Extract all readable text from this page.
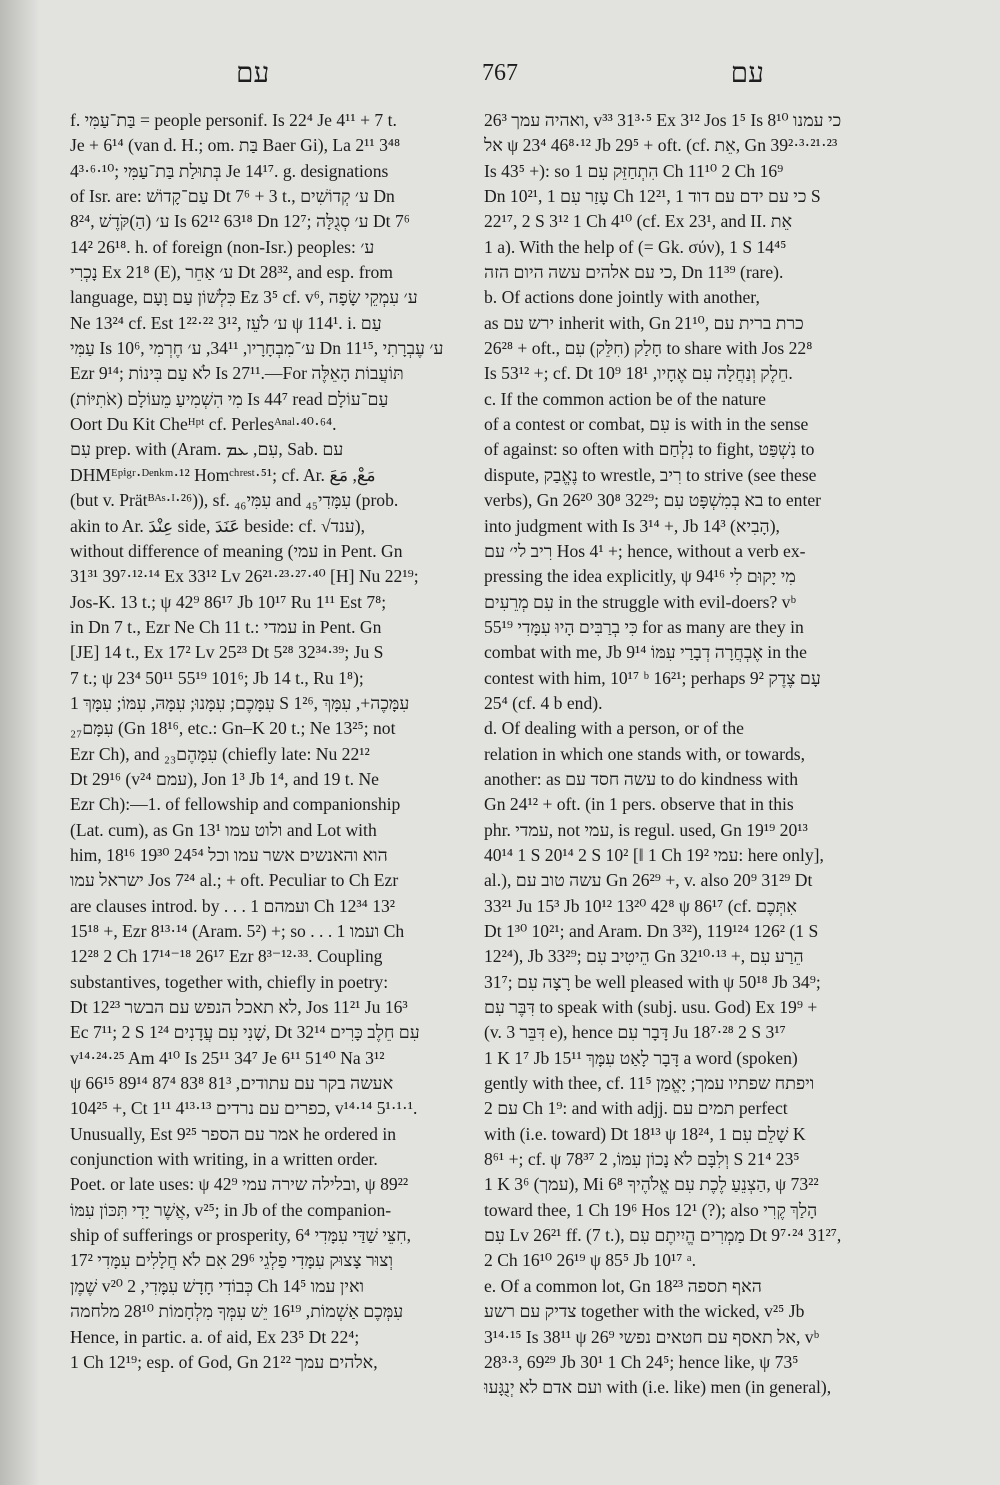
עם	767	עם
f. בַּת־עַמִּי = people personif. Is 22⁴ Je 4¹¹ + 7 t.
Je + 6¹⁴ (van d. H.; om. בַּת Baer Gi), La 2¹¹ 3⁴⁸
4³·⁶·¹⁰; בְּתוּלַת בַּת־עַמִּי Je 14¹⁷. g. designations
of Isr. are: עַם־קָדוֹשׁ Dt 7⁶ + 3 t., ע׳ קְדוֹשִׁים Dn
8²⁴, ע׳ (הַ)קֹּדֶשׁ Is 62¹² 63¹⁸ Dn 12⁷; ע׳ סְגֻלָּה Dt 7⁶
14² 26¹⁸. h. of foreign (non-Isr.) peoples: ע׳
נָכְרִי Ex 21⁸ (E), ע׳ אַחֵר Dt 28³², and esp. from
language, כִּלְשׁוֹן עַם וָעָם Ez 3⁵ cf. v⁶, ע׳ עִמְקֵי שָׂפָה
Ne 13²⁴ cf. Est 1²²·²² 3¹², ע׳ לֹעֵז ψ 114¹. i. עַם
עַמִּי Is 10⁶, ע׳־מִבְחָרָיו, 34¹¹, ע׳ חֶרְמִי Dn 11¹⁵, ע׳ עֶבְרָתִי
Ezr 9¹⁴; לֹא עַם בִּינוֹת Is 27¹¹.—For תּוֹעֲבוֹת הָאֵלֶּה
(מִי הִשְׁמִיעַ מֵעוֹלָם (אֹתִיּוֹת Is 44⁷ read עַם־עוֹלָם
Oort Du Kit Cheᴴᵖᵗ cf. Perlesᴬⁿᵃˡ·⁴⁰·⁶⁴.
עִם prep. with (Aram. עִם, ܥܡ, Sab. עם
DHMᴱᵖⁱᵍʳ·ᴰᵉⁿᵏᵐ·¹² Homᶜʰʳᵉˢᵗ·⁵¹; cf. Ar. مَعْ, مَعَ
(but v. Prätᴮᴬˢ·ᴵ·²⁶)), sf. עִמִּי₄₆ and עִמָּדִי₄₅ (prob.
akin to Ar. عِنْدَ side, عَنَدَ beside: cf. √ענד),
without difference of meaning (עמי in Pent. Gn
31³¹ 39⁷·¹²·¹⁴ Ex 33¹² Lv 26²¹·²³·²⁷·⁴⁰ [H] Nu 22¹⁹;
Jos-K. 13 t.; ψ 42⁹ 86¹⁷ Jb 10¹⁷ Ru 1¹¹ Est 7⁸;
in Dn 7 t., Ezr Ne Ch 11 t.: עמדי in Pent. Gn
[JE] 14 t., Ex 17² Lv 25²³ Dt 5²⁸ 32³⁴·³⁹; Ju S
7 t.; ψ 23⁴ 50¹¹ 55¹⁹ 101⁶; Jb 14 t., Ru 1⁸);
עִמָּכֶם; עִמָּנוּ; עִמָּהּ, עִמּוֹ; עִמָּךְ 1 S 1²⁶, עִמָּכֶה+, עִמָּךְ
עִמָּם₂₇ (Gn 18¹⁶, etc.: Gn–K 20 t.; Ne 13²⁵; not
Ezr Ch), and עִמָּהֶם₂₃ (chiefly late: Nu 22¹²
Dt 29¹⁶ (v²⁴ עמם), Jon 1³ Jb 1⁴, and 19 t. Ne
Ezr Ch):—1. of fellowship and companionship
(Lat. cum), as Gn 13¹ ולוט עמו and Lot with
him, 18¹⁶ 19³⁰ 24⁵⁴ הוא והאנשים אשר עמו וכל
ישראל עמו Jos 7²⁴ al.; + oft. Peculiar to Ch Ezr
are clauses introd. by . . . ועמהם 1 Ch 12³⁴ 13²
15¹⁸ +, Ezr 8¹³·¹⁴ (Aram. 5²) +; so . . . ועמו 1 Ch
12²⁸ 2 Ch 17¹⁴⁻¹⁸ 26¹⁷ Ezr 8³⁻¹²·³³. Coupling
substantives, together with, chiefly in poetry:
Dt 12²³ לא תאכל הנפש עם הבשר, Jos 11²¹ Ju 16³
Ec 7¹¹; 2 S 1²⁴ שָׁנִי עִם עֲדָנִים, Dt 32¹⁴ עִם חֵלֶב כָּרִים
v¹⁴·²⁴·²⁵ Am 4¹⁰ Is 25¹¹ 34⁷ Je 6¹¹ 51⁴⁰ Na 3¹²
ψ 66¹⁵ אעשה בקר עם עתודים, 81³ 83⁸ 87⁴ 89¹⁴
104²⁵ +, Ct 1¹¹ 4¹³·¹³ כפרים עם נרדים, v¹⁴·¹⁴ 5¹·¹·¹.
Unusually, Est 9²⁵ אמר עם הספר he ordered in
conjunction with writing, in a written order.
Poet. or late uses: ψ 42⁹ ובלילה שירה עמי, ψ 89²²
אֲשֶׁר יָדִי תִּכּוֹן עִמּוֹ, v²⁵; in Jb of the companion-
ship of sufferings or prosperity, 6⁴ חִצֵּי שַׁדַּי עִמָּדִי,
וְצוּר צָצוּק עִמָּדִי פַלְגֵי 29⁶ אִם לֹא חֲלָלִים עִמָּדִי 17²
שֶׁמֶן v²⁰ כְּבוֹדִי חָדָשׁ עִמָּדִי, 2 Ch 14⁵ ואין עמו
עִמְּכֶם אַשְׁמוֹת, 16¹⁹ יֵשׁ עִמְּךָ מִלְחָמוֹת 28¹⁰ מלחמה
Hence, in partic. a. of aid, Ex 23⁵ Dt 22⁴;
1 Ch 12¹⁹; esp. of God, Gn 21²² אלהים עמך,
26³ ואהיה עמך, v³³ 31³·⁵ Ex 3¹² Jos 1⁵ Is 8¹⁰ כי עמנו
אל ψ 23⁴ 46⁸·¹² Jb 29⁵ + oft. (cf. אֵת, Gn 39²·³·²¹·²³
Is 43⁵ +): so הִתְחַזֵּק עִם 1 Ch 11¹⁰ 2 Ch 16⁹
Dn 10²¹, עָזַר עִם 1 Ch 12²¹, כי עם ידם עם דוד 1 S
22¹⁷, 2 S 3¹² 1 Ch 4¹⁰ (cf. Ex 23¹, and II. אֵת
1 a). With the help of (= Gk. σύν), 1 S 14⁴⁵
כי עם אלהים עשה היום הזה, Dn 11³⁹ (rare).
b. Of actions done jointly with another,
as ירש עם inherit with, Gn 21¹⁰, כרת ברית עם
26²⁸ + oft., חָלַק (חִלֵּק) עִם to share with Jos 22⁸
Is 53¹² +; cf. Dt 10⁹ חֵלֶק וְנַחֲלָה עִם אֶחָיו, 18¹.
c. If the common action be of the nature
of a contest or combat, עִם is with in the sense
of against: so often with נִלְחַם to fight, נִשְׁפַּט to
dispute, נֶאֱבַק to wrestle, רִיב to strive (see these
verbs), Gn 26²⁰ 30⁸ 32²⁹; בא בְמִשְׁפָּט עִם to enter
into judgment with Is 3¹⁴ +, Jb 14³ (הָבִיא),
רִיב לי׳ עם Hos 4¹ +; hence, without a verb ex-
pressing the idea explicitly, ψ 94¹⁶ מִי יָקוּם לִי
עִם מְרֵעִים in the struggle with evil-doers? vᵇ
55¹⁹ כִּי בְרַבִּים הָיוּ עִמָּדִי for as many are they in
combat with me, Jb 9¹⁴ אֶבְחֲרָה דְבָרַי עִמּוֹ in the
contest with him, 10¹⁷ ᵇ 16²¹; perhaps עָם צֶדֶק 9²
25⁴ (cf. 4 b end).
d. Of dealing with a person, or of the
relation in which one stands with, or towards,
another: as עשה חסד עם to do kindness with
Gn 24¹² + oft. (in 1 pers. observe that in this
phr. עמדי, not עמי, is regul. used, Gn 19¹⁹ 20¹³
40¹⁴ 1 S 20¹⁴ 2 S 10² [‖ 1 Ch 19² עמי: here only],
al.), עשה טוב עם Gn 26²⁹ +, v. also 20⁹ 31²⁹ Dt
33²¹ Ju 15³ Jb 10¹² 13²⁰ 42⁸ ψ 86¹⁷ (cf. אִתְּכֶם
Dt 1³⁰ 10²¹; and Aram. Dn 3³²), 119¹²⁴ 126² (1 S
12²⁴), Jb 33²⁹; הֵיטִיב עִם Gn 32¹⁰·¹³ +, הֵרַע עִם
31⁷; רָצָה עִם be well pleased with ψ 50¹⁸ Jb 34⁹;
דִּבֶּר עִם to speak with (subj. usu. God) Ex 19⁹ +
(v. דִּבֵּר 3 e), hence דָּבָר עִם Ju 18⁷·²⁸ 2 S 3¹⁷
1 K 1⁷ Jb 15¹¹ דָּבָר לָאַט עִמָּךְ a word (spoken)
gently with thee, cf. 11⁵ ויפתח שפתיו עמך; יָאֱמַן
עם 2 Ch 1⁹: and with adjj. תמים עם perfect
with (i.e. toward) Dt 18¹³ ψ 18²⁴, שָׁלֵם עִם 1 K
8⁶¹ +; cf. ψ 78³⁷ וְלִבָּם לֹא נָכוֹן עִמּוֹ, 2 S 21⁴ 23⁵
1 K 3⁶ (עמך), Mi 6⁸ הַצְנֵעַ לֶכֶת עִם אֱלֹהֶיךָ, ψ 73²²
toward thee, 1 Ch 19⁶ Hos 12¹ (?); also הָלַךְ קֶרִי
עִם Lv 26²¹ ff. (7 t.), מַמְרִים הֱיִיתֶם עִם Dt 9⁷·²⁴ 31²⁷,
2 Ch 16¹⁰ 26¹⁹ ψ 85⁵ Jb 10¹⁷ ᵃ.
e. Of a common lot, Gn 18²³ האף תספה
צדיק עם רשע together with the wicked, v²⁵ Jb
3¹⁴·¹⁵ Is 38¹¹ ψ 26⁹ אל תאסף עם חטאים נפשי, vᵇ
28³·³, 69²⁹ Jb 30¹ 1 Ch 24⁵; hence like, ψ 73⁵
ועם אדם לא יְנֻגָּעוּ with (i.e. like) men (in general),
